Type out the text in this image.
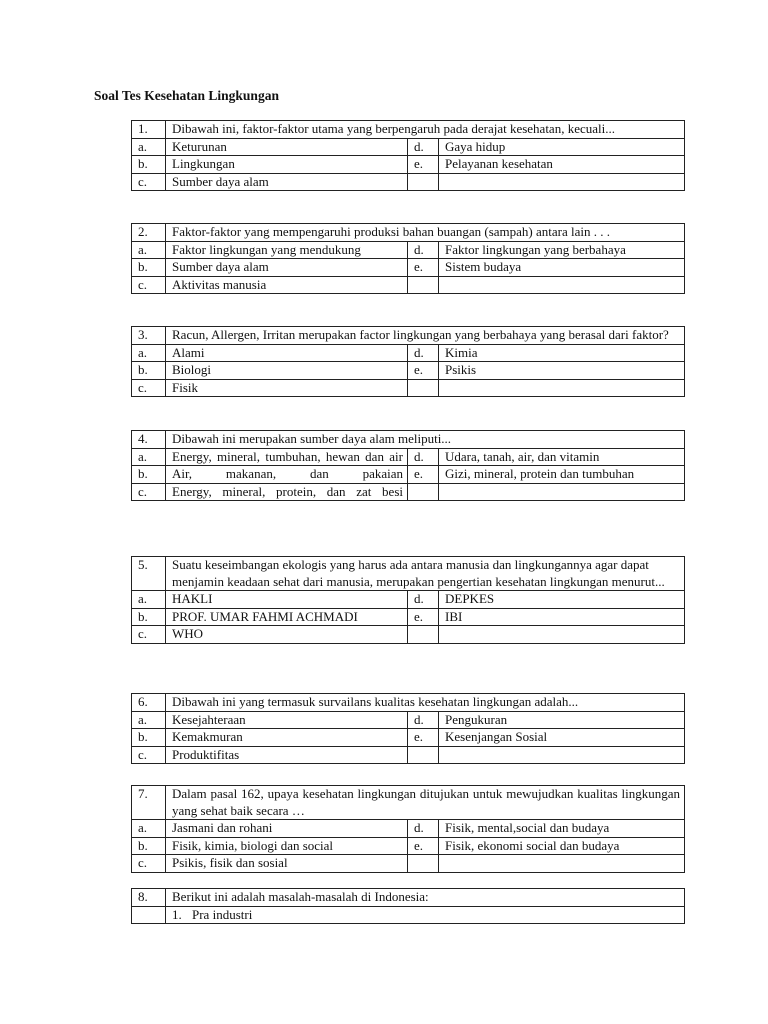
Soal Tes Kesehatan Lingkungan
1.	Dibawah ini, faktor-faktor utama yang berpengaruh pada derajat kesehatan, kecuali...		
a.	Keturunan	d.	Gaya hidup
b.	Lingkungan	e.	Pelayanan kesehatan
c.	Sumber daya alam		
2.	Faktor-faktor yang mempengaruhi produksi bahan buangan (sampah) antara lain . . .		
a.	Faktor lingkungan yang mendukung	d.	Faktor lingkungan yang berbahaya
b.	Sumber daya alam	e.	Sistem budaya
c.	Aktivitas manusia		
3.	Racun, Allergen, Irritan merupakan factor lingkungan yang berbahaya yang berasal dari faktor?		
a.	Alami	d.	Kimia
b.	Biologi	e.	Psikis
c.	Fisik		
4.	Dibawah ini merupakan sumber daya alam meliputi...		
a.	Energy, mineral, tumbuhan, hewan dan air	d.	Udara, tanah, air, dan vitamin
b.	Air, makanan, dan pakaian	e.	Gizi, mineral, protein dan tumbuhan
c.	Energy, mineral, protein, dan zat besi		
5.	Suatu keseimbangan ekologis yang harus ada antara manusia dan lingkungannya agar dapat menjamin keadaan sehat dari manusia, merupakan pengertian kesehatan lingkungan menurut...		
a.	HAKLI	d.	DEPKES
b.	PROF. UMAR FAHMI ACHMADI	e.	IBI
c.	WHO		
6.	Dibawah ini yang termasuk survailans kualitas kesehatan lingkungan adalah...		
a.	Kesejahteraan	d.	Pengukuran
b.	Kemakmuran	e.	Kesenjangan Sosial
c.	Produktifitas		
7.	Dalam pasal 162, upaya kesehatan lingkungan ditujukan untuk mewujudkan kualitas lingkungan yang sehat baik secara …		
a.	Jasmani dan rohani	d.	Fisik, mental,social dan budaya
b.	Fisik, kimia, biologi dan social	e.	Fisik, ekonomi social dan budaya
c.	Psikis, fisik dan sosial		
8.	Berikut ini adalah masalah-masalah di Indonesia:
	1. Pra industri
